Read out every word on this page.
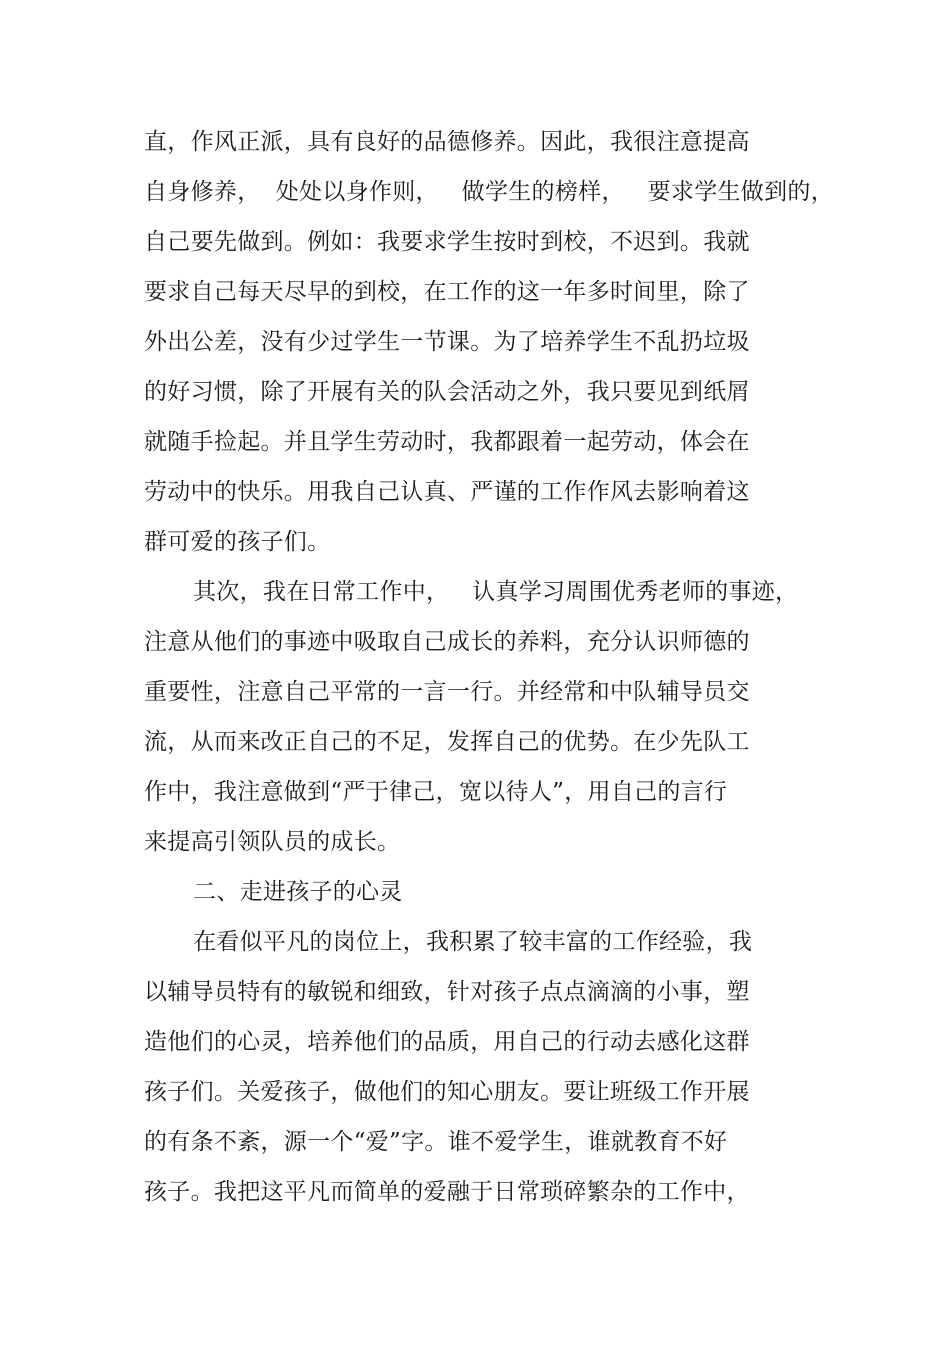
直，作风正派，具有良好的品德修养。因此，我很注意提高
自身修养，  处处以身作则，   做学生的榜样，   要求学生做到的，
自己要先做到。例如：我要求学生按时到校，不迟到。我就
要求自己每天尽早的到校，在工作的这一年多时间里，除了
外出公差，没有少过学生一节课。为了培养学生不乱扔垃圾
的好习惯，除了开展有关的队会活动之外，我只要见到纸屑
就随手捡起。并且学生劳动时，我都跟着一起劳动，体会在
劳动中的快乐。用我自己认真、严谨的工作作风去影响着这
群可爱的孩子们。
其次，我在日常工作中，   认真学习周围优秀老师的事迹，
注意从他们的事迹中吸取自己成长的养料，充分认识师德的
重要性，注意自己平常的一言一行。并经常和中队辅导员交
流，从而来改正自己的不足，发挥自己的优势。在少先队工
作中，我注意做到“严于律己，宽以待人”，用自己的言行
来提高引领队员的成长。
二、走进孩子的心灵
在看似平凡的岗位上，我积累了较丰富的工作经验，我
以辅导员特有的敏锐和细致，针对孩子点点滴滴的小事，塑
造他们的心灵，培养他们的品质，用自己的行动去感化这群
孩子们。关爱孩子，做他们的知心朋友。要让班级工作开展
的有条不紊，源一个“爱”字。谁不爱学生，谁就教育不好
孩子。我把这平凡而简单的爱融于日常琐碎繁杂的工作中，
